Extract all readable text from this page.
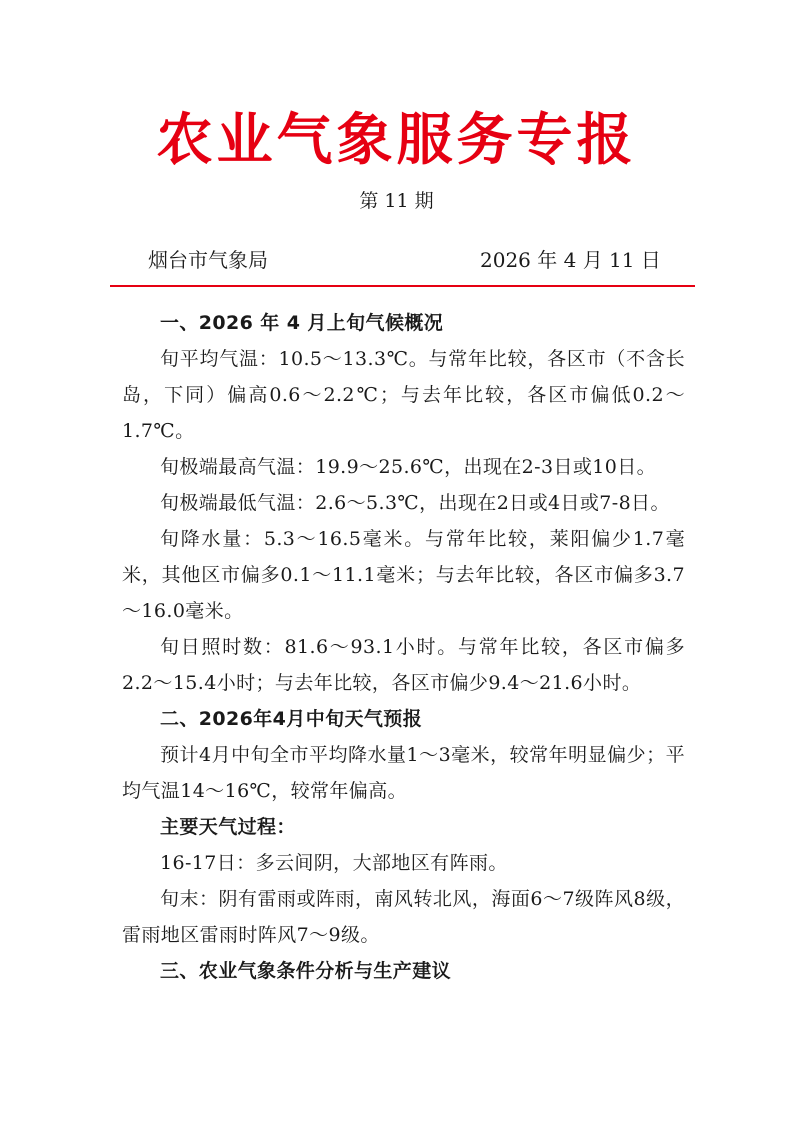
农业气象服务专报
第 11 期
烟台市气象局	2026 年 4 月 11 日

一、2026 年 4 月上旬气候概况

旬平均气温：10.5～13.3℃。与常年比较，各区市（不含长岛，下同）偏高0.6～2.2℃；与去年比较，各区市偏低0.2～1.7℃。

旬极端最高气温：19.9～25.6℃，出现在2-3日或10日。

旬极端最低气温：2.6～5.3℃，出现在2日或4日或7-8日。

旬降水量：5.3～16.5毫米。与常年比较，莱阳偏少1.7毫米，其他区市偏多0.1～11.1毫米；与去年比较，各区市偏多3.7～16.0毫米。

旬日照时数：81.6～93.1小时。与常年比较，各区市偏多2.2～15.4小时；与去年比较，各区市偏少9.4～21.6小时。

二、2026年4月中旬天气预报

预计4月中旬全市平均降水量1～3毫米，较常年明显偏少；平均气温14～16℃，较常年偏高。

主要天气过程：

16-17日：多云间阴，大部地区有阵雨。

旬末：阴有雷雨或阵雨，南风转北风，海面6～7级阵风8级，雷雨地区雷雨时阵风7～9级。

三、农业气象条件分析与生产建议
